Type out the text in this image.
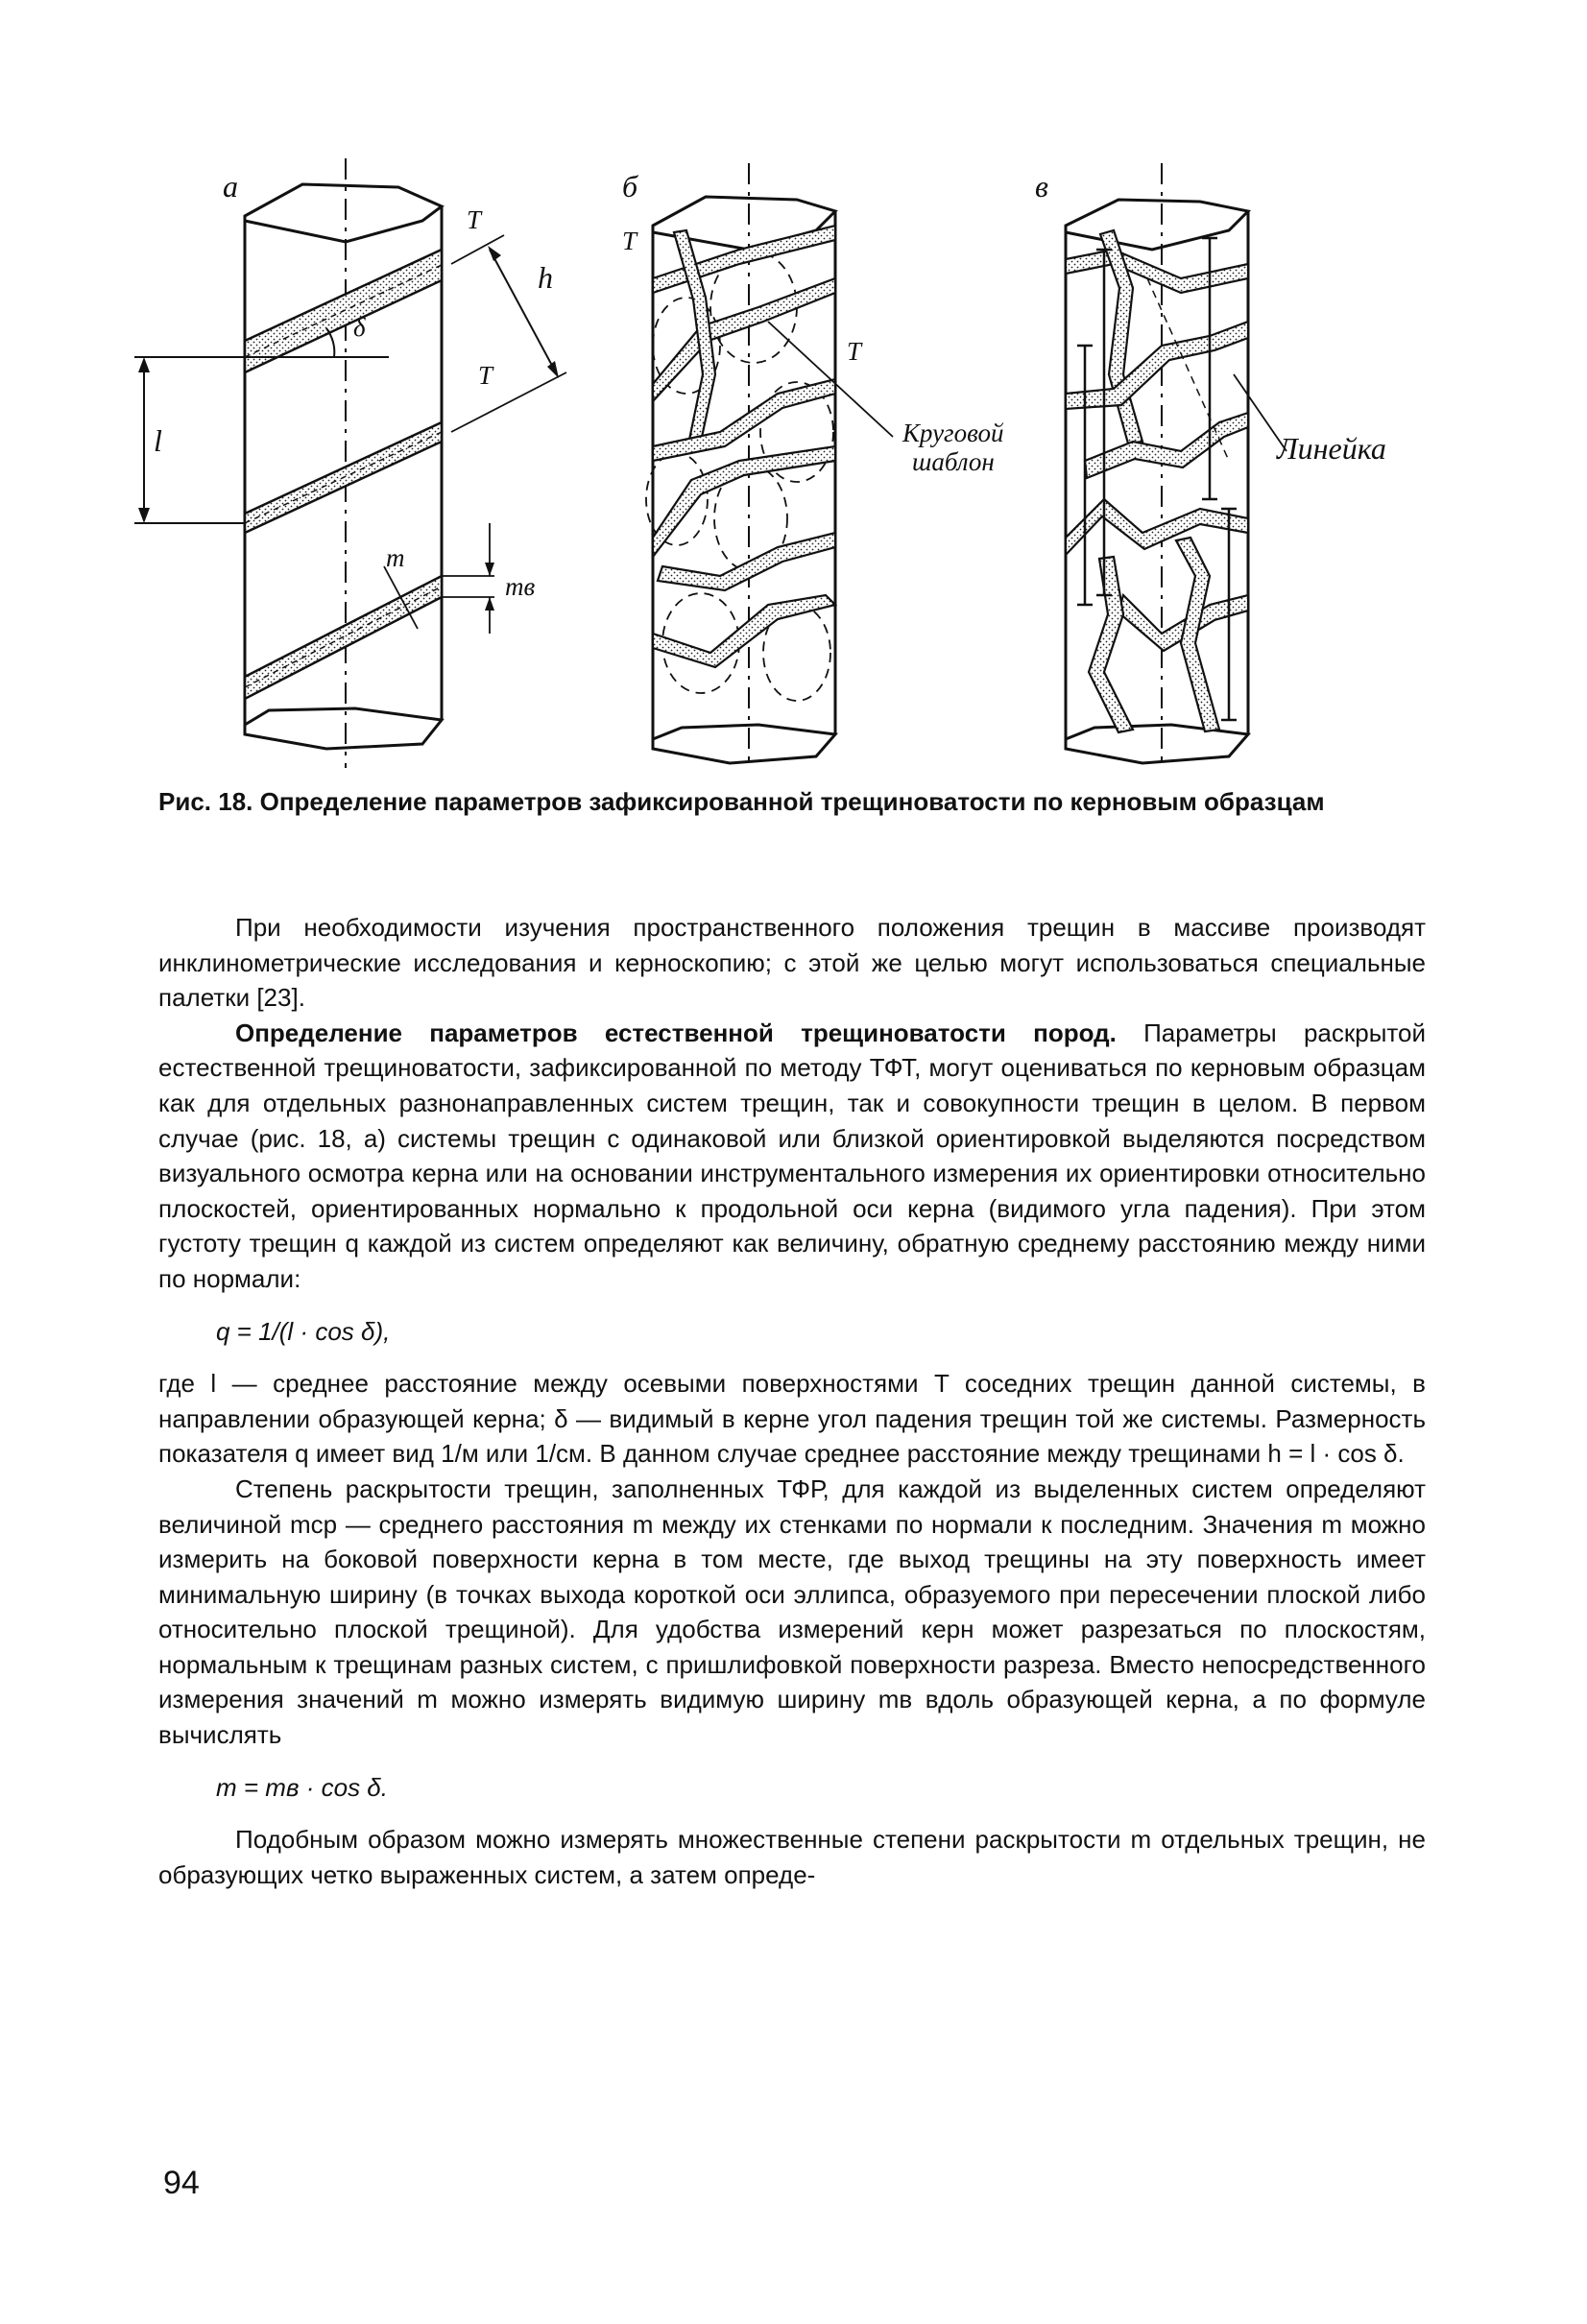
а
δ
l
T
h
T
m
mв
б
T
T
Круговой
шаблон
в
Линейка
Рис. 18. Определение параметров зафиксированной трещиноватости по керновым образцам

При необходимости изучения пространственного положения трещин в массиве производят инклинометрические исследования и керноскопию; с этой же целью могут использоваться специальные палетки [23].

Определение параметров естественной трещиноватости пород. Параметры раскрытой естественной трещиноватости, зафиксированной по методу ТФТ, могут оцениваться по керновым образцам как для отдельных разнонаправленных систем трещин, так и совокупности трещин в целом. В первом случае (рис. 18, а) системы трещин с одинаковой или близкой ориентировкой выделяются посредством визуального осмотра керна или на основании инструментального измерения их ориентировки относительно плоскостей, ориентированных нормально к продольной оси керна (видимого угла падения). При этом густоту трещин q каждой из систем определяют как величину, обратную среднему расстоянию между ними по нормали:

q = 1/(l · cos δ),

где l — среднее расстояние между осевыми поверхностями T соседних трещин данной системы, в направлении образующей керна; δ — видимый в керне угол падения трещин той же системы. Размерность показателя q имеет вид 1/м или 1/см. В данном случае среднее расстояние между трещинами h = l · cos δ.

Степень раскрытости трещин, заполненных ТФР, для каждой из выделенных систем определяют величиной mср — среднего расстояния m между их стенками по нормали к последним. Значения m можно измерить на боковой поверхности керна в том месте, где выход трещины на эту поверхность имеет минимальную ширину (в точках выхода короткой оси эллипса, образуемого при пересечении плоской либо относительно плоской трещиной). Для удобства измерений керн может разрезаться по плоскостям, нормальным к трещинам разных систем, с пришлифовкой поверхности разреза. Вместо непосредственного измерения значений m можно измерять видимую ширину mв вдоль образующей керна, а по формуле вычислять

m = mв · cos δ.

Подобным образом можно измерять множественные степени раскрытости m отдельных трещин, не образующих четко выраженных систем, а затем опреде-

94
